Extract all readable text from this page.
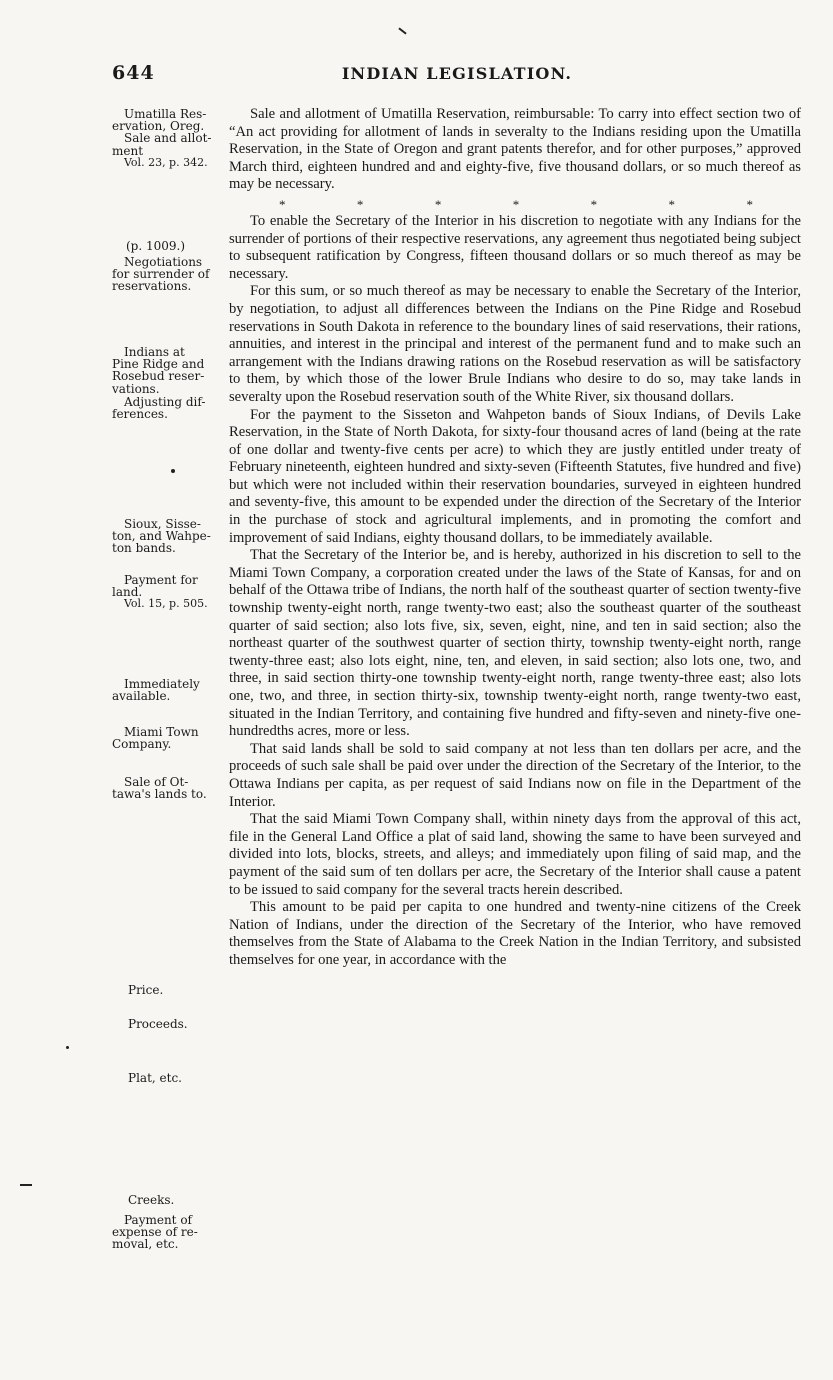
644	INDIAN LEGISLATION.
Umatilla Res-
ervation, Oreg.
Sale and allot-
ment
Vol. 23, p. 342.
(p. 1009.)
Negotiations
for surrender of
reservations.
Indians at
Pine Ridge and
Rosebud reser-
vations.
Adjusting dif-
ferences.
Sioux, Sisse-
ton, and Wahpe-
ton bands.
Payment for
land.
Vol. 15, p. 505.
Immediately
available.
Miami Town
Company.
Sale of Ot-
tawa's lands to.
Price.
Proceeds.
Plat, etc.
Creeks.
Payment of
expense of re-
moval, etc.

Sale and allotment of Umatilla Reservation, reimbursable: To carry into effect section two of “An act providing for allotment of lands in severalty to the Indians residing upon the Umatilla Reservation, in the State of Oregon and grant patents therefor, and for other purposes,” approved March third, eighteen hundred and and eighty-five, five thousand dollars, or so much thereof as may be necessary.

*	*	*	*	*	*	*

To enable the Secretary of the Interior in his discretion to negotiate with any Indians for the surrender of portions of their respective reservations, any agreement thus negotiated being subject to subsequent ratification by Congress, fifteen thousand dollars or so much thereof as may be necessary.

For this sum, or so much thereof as may be necessary to enable the Secretary of the Interior, by negotiation, to adjust all differences between the Indians on the Pine Ridge and Rosebud reservations in South Dakota in reference to the boundary lines of said reservations, their rations, annuities, and interest in the principal and interest of the permanent fund and to make such an arrangement with the Indians drawing rations on the Rosebud reservation as will be satisfactory to them, by which those of the lower Brule Indians who desire to do so, may take lands in severalty upon the Rosebud reservation south of the White River, six thousand dollars.

For the payment to the Sisseton and Wahpeton bands of Sioux Indians, of Devils Lake Reservation, in the State of North Dakota, for sixty-four thousand acres of land (being at the rate of one dollar and twenty-five cents per acre) to which they are justly entitled under treaty of February nineteenth, eighteen hundred and sixty-seven (Fifteenth Statutes, five hundred and five) but which were not included within their reservation boundaries, surveyed in eighteen hundred and seventy-five, this amount to be expended under the direction of the Secretary of the Interior in the purchase of stock and agricultural implements, and in promoting the comfort and improvement of said Indians, eighty thousand dollars, to be immediately available.

That the Secretary of the Interior be, and is hereby, authorized in his discretion to sell to the Miami Town Company, a corporation created under the laws of the State of Kansas, for and on behalf of the Ottawa tribe of Indians, the north half of the southeast quarter of section twenty-five township twenty-eight north, range twenty-two east; also the southeast quarter of the southeast quarter of said section; also lots five, six, seven, eight, nine, and ten in said section; also the northeast quarter of the southwest quarter of section thirty, township twenty-eight north, range twenty-three east; also lots eight, nine, ten, and eleven, in said section; also lots one, two, and three, in said section thirty-one township twenty-eight north, range twenty-three east; also lots one, two, and three, in section thirty-six, township twenty-eight north, range twenty-two east, situated in the Indian Territory, and containing five hundred and fifty-seven and ninety-five one-hundredths acres, more or less.

That said lands shall be sold to said company at not less than ten dollars per acre, and the proceeds of such sale shall be paid over under the direction of the Secretary of the Interior, to the Ottawa Indians per capita, as per request of said Indians now on file in the Department of the Interior.

That the said Miami Town Company shall, within ninety days from the approval of this act, file in the General Land Office a plat of said land, showing the same to have been surveyed and divided into lots, blocks, streets, and alleys; and immediately upon filing of said map, and the payment of the said sum of ten dollars per acre, the Secretary of the Interior shall cause a patent to be issued to said company for the several tracts herein described.

This amount to be paid per capita to one hundred and twenty-nine citizens of the Creek Nation of Indians, under the direction of the Secretary of the Interior, who have removed themselves from the State of Alabama to the Creek Nation in the Indian Territory, and subsisted themselves for one year, in accordance with the
